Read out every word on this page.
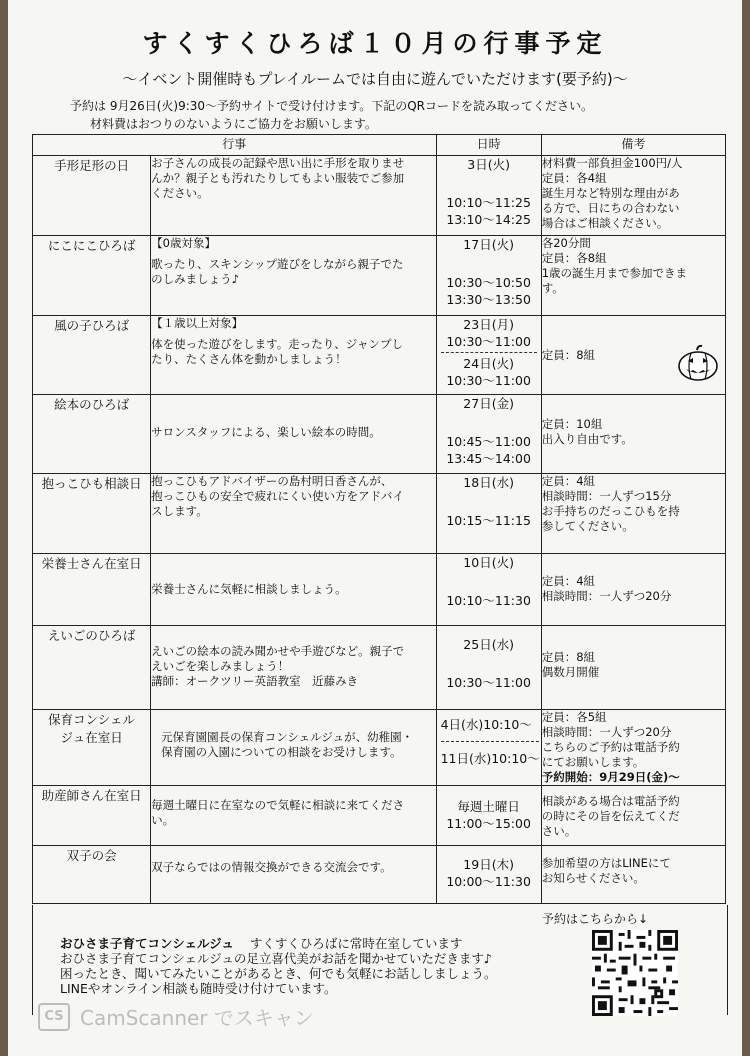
すくすくひろば１０月の行事予定
～イベント開催時もプレイルームでは自由に遊んでいただけます(要予約)～
予約は 9月26日(火)9:30～予約サイトで受け付けます。下記のQRコードを読み取ってください。
材料費はおつりのないようにご協力をお願いします。
行事		日時	備考
手形足形の日	お子さんの成長の記録や思い出に手形を取りませ
んか？親子とも汚れたりしてもよい服装でご参加
ください。	3日(火)
10:10～11:25
13:10～14:25	材料費一部負担金100円/人
定員：各4組
誕生月など特別な理由があ
る方で、日にちの合わない
場合はご相談ください。

にこにこひろば	【0歳対象】
歌ったり、スキンシップ遊びをしながら親子でた
のしみましょう♪	17日(火)
10:30～10:50
13:30～13:50	各20分間
定員：各8組
1歳の誕生月まで参加できま
す。

風の子ひろば	【１歳以上対象】
体を使った遊びをします。走ったり、ジャンプし
たり、たくさん体を動かしましょう！	23日(月)
10:30～11:00
24日(火)
10:30～11:00	定員：8組

絵本のひろば	サロンスタッフによる、楽しい絵本の時間。	27日(金)
10:45～11:00
13:45～14:00	定員：10組
出入り自由です。

抱っこひも相談日	抱っこひもアドバイザーの島村明日香さんが、
抱っこひもの安全で疲れにくい使い方をアドバイ
スします。	18日(水)
10:15～11:15	定員：4組
相談時間：一人ずつ15分
お手持ちのだっこひもを持
参してください。

栄養士さん在室日	栄養士さんに気軽に相談しましょう。	10日(火)
10:10～11:30	定員：4組
相談時間：一人ずつ20分

えいごのひろば	えいごの絵本の読み聞かせや手遊びなど。親子で
えいごを楽しみましょう！
講師：オークツリー英語教室　近藤みき	25日(水)
10:30～11:00	定員：8組
偶数月開催

保育コンシェル
ジュ在室日	元保育園園長の保育コンシェルジュが、幼稚園・
保育園の入園についての相談をお受けします。	4日(水)10:10～
11日(水)10:10～	定員：各5組
相談時間：一人ずつ20分
こちらのご予約は電話予約
にてお願いします。
予約開始：9月29日(金)～

助産師さん在室日	毎週土曜日に在室なので気軽に相談に来てくださ
い。	毎週土曜日
11:00～15:00	相談がある場合は電話予約
の時にその旨を伝えてくだ
さい。

双子の会	双子ならではの情報交換ができる交流会です。	19日(木)
10:00～11:30	参加希望の方はLINEにて
お知らせください。
予約はこちらから↓
おひさま子育てコンシェルジュ すくすくひろばに常時在室しています
おひさま子育てコンシェルジュの足立喜代美がお話を聞かせていただきます♪
困ったとき、聞いてみたいことがあるとき、何でも気軽にお話ししましょう。
LINEやオンライン相談も随時受け付けています。
CS CamScanner でスキャン
